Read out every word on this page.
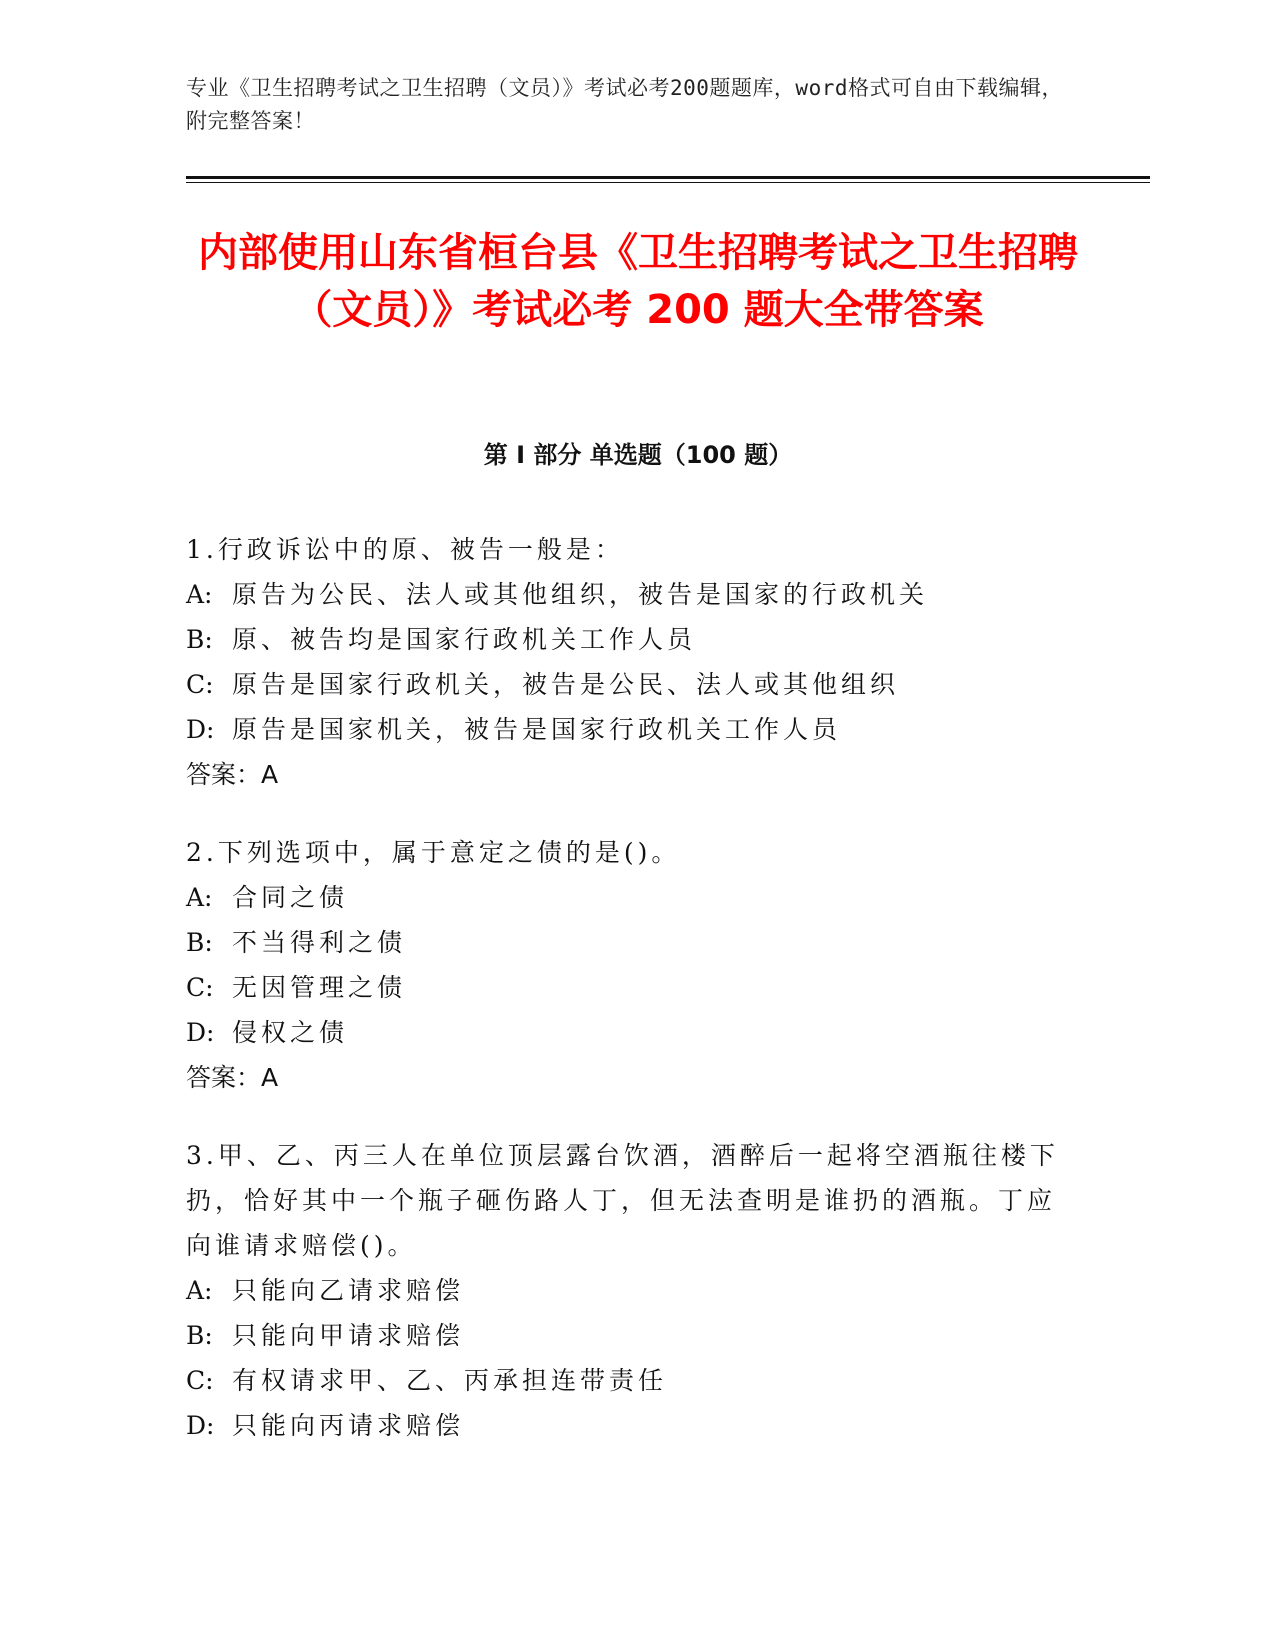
专业《卫生招聘考试之卫生招聘（文员）》考试必考200题题库，word格式可自由下载编辑，附完整答案！
内部使用山东省桓台县《卫生招聘考试之卫生招聘（文员）》考试必考 200 题大全带答案
第 I 部分 单选题（100 题）

1.行政诉讼中的原、被告一般是：

A: 原告为公民、法人或其他组织，被告是国家的行政机关

B: 原、被告均是国家行政机关工作人员

C: 原告是国家行政机关，被告是公民、法人或其他组织

D: 原告是国家机关，被告是国家行政机关工作人员

答案：A

2.下列选项中，属于意定之债的是()。

A: 合同之债

B: 不当得利之债

C: 无因管理之债

D: 侵权之债

答案：A

3.甲、乙、丙三人在单位顶层露台饮酒，酒醉后一起将空酒瓶往楼下扔，恰好其中一个瓶子砸伤路人丁，但无法查明是谁扔的酒瓶。丁应向谁请求赔偿()。

A: 只能向乙请求赔偿

B: 只能向甲请求赔偿

C: 有权请求甲、乙、丙承担连带责任

D: 只能向丙请求赔偿
